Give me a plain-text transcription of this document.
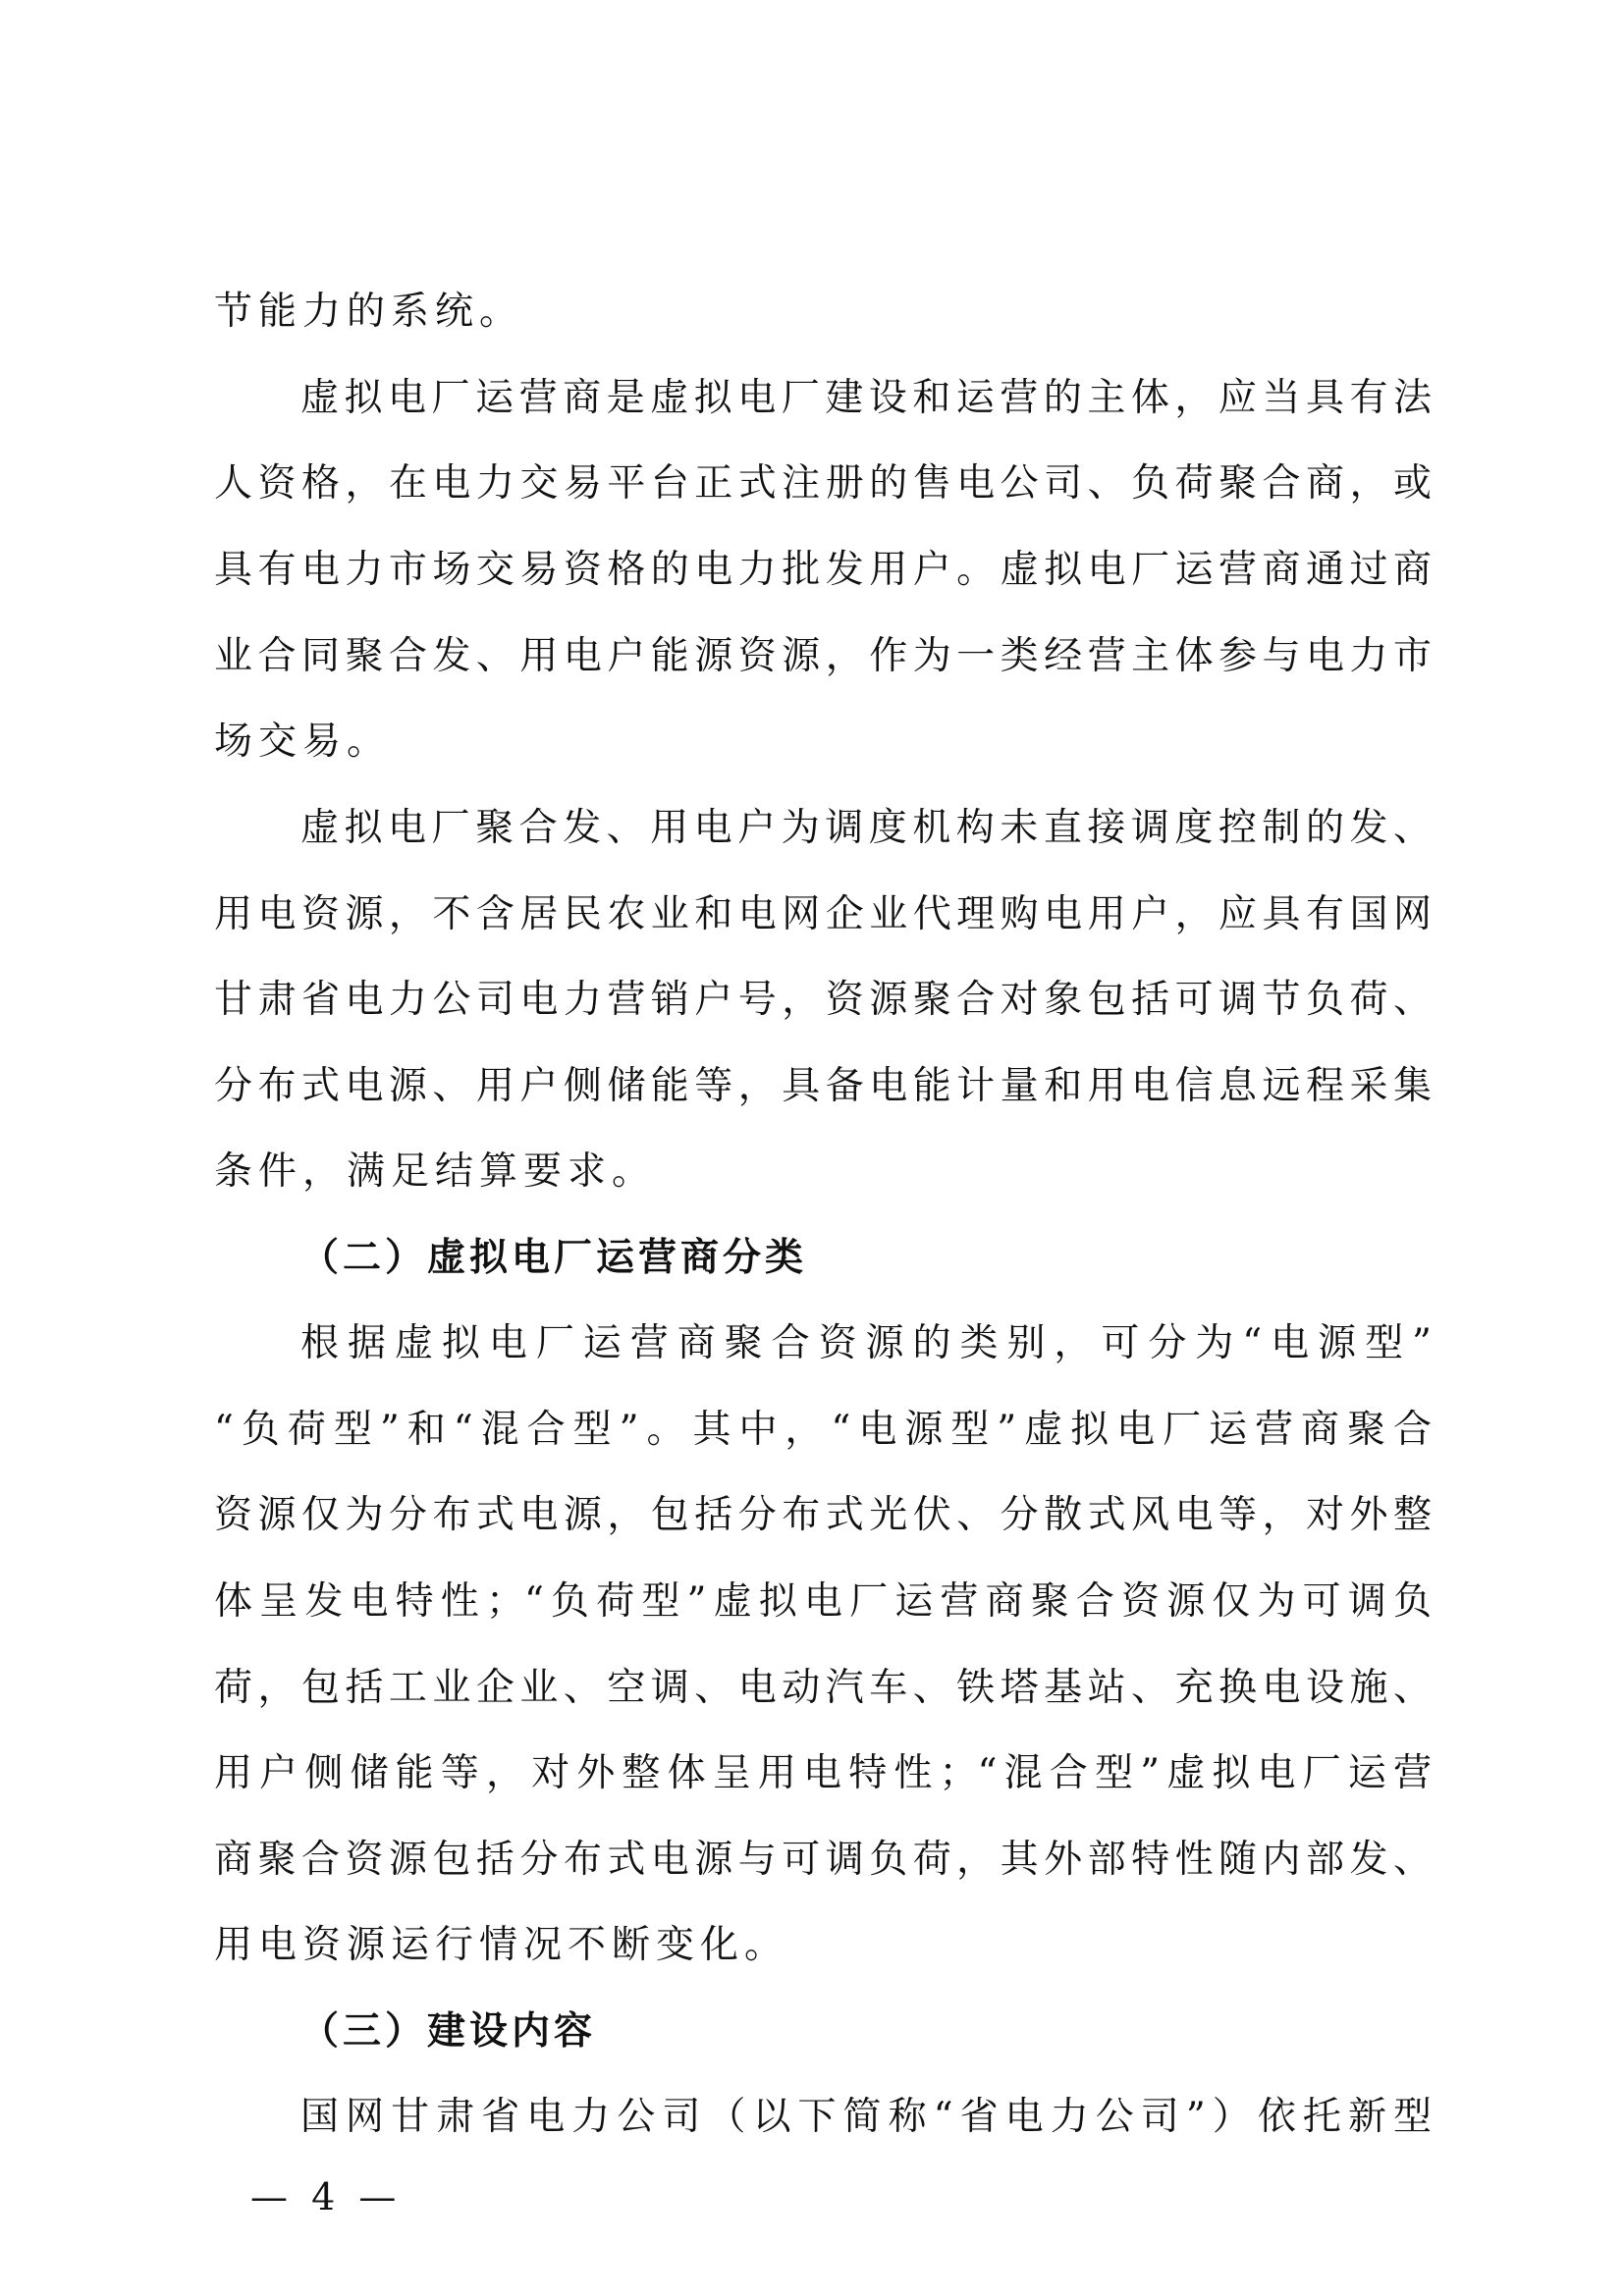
节能力的系统。
虚拟电厂运营商是虚拟电厂建设和运营的主体，应当具有法
人资格，在电力交易平台正式注册的售电公司、负荷聚合商，或
具有电力市场交易资格的电力批发用户。虚拟电厂运营商通过商
业合同聚合发、用电户能源资源，作为一类经营主体参与电力市
场交易。
虚拟电厂聚合发、用电户为调度机构未直接调度控制的发、
用电资源，不含居民农业和电网企业代理购电用户，应具有国网
甘肃省电力公司电力营销户号，资源聚合对象包括可调节负荷、
分布式电源、用户侧储能等，具备电能计量和用电信息远程采集
条件，满足结算要求。
（二）虚拟电厂运营商分类
根据虚拟电厂运营商聚合资源的类别，可分为“电源型”
“负荷型”和“混合型”。其中，“电源型”虚拟电厂运营商聚合
资源仅为分布式电源，包括分布式光伏、分散式风电等，对外整
体呈发电特性；“负荷型”虚拟电厂运营商聚合资源仅为可调负
荷，包括工业企业、空调、电动汽车、铁塔基站、充换电设施、
用户侧储能等，对外整体呈用电特性；“混合型”虚拟电厂运营
商聚合资源包括分布式电源与可调负荷，其外部特性随内部发、
用电资源运行情况不断变化。
（三）建设内容
国网甘肃省电力公司（以下简称“省电力公司”）依托新型
— 4 —
